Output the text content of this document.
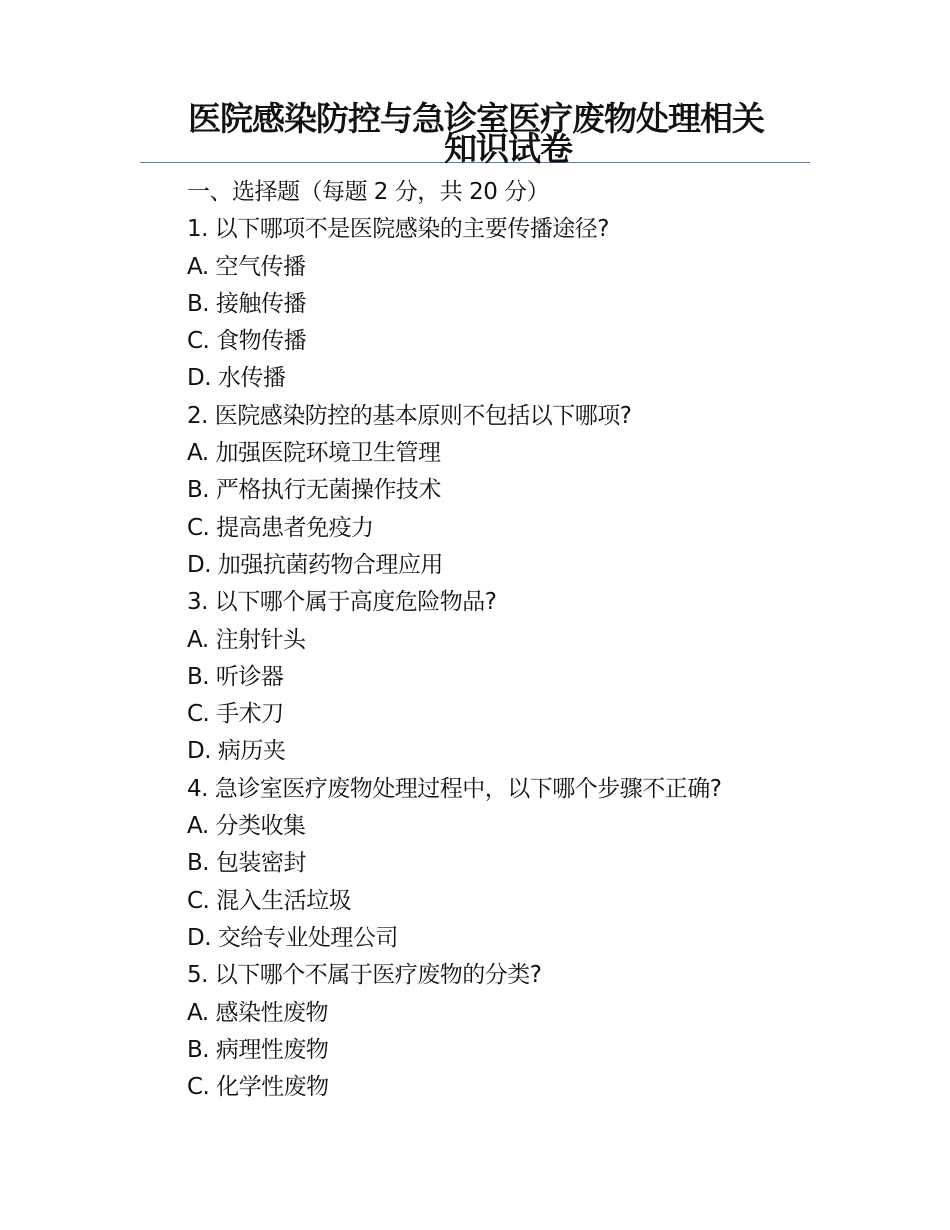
医院感染防控与急诊室医疗废物处理相关
知识试卷
一、选择题（每题 2 分，共 20 分）
1. 以下哪项不是医院感染的主要传播途径?
A. 空气传播
B. 接触传播
C. 食物传播
D. 水传播
2. 医院感染防控的基本原则不包括以下哪项?
A. 加强医院环境卫生管理
B. 严格执行无菌操作技术
C. 提高患者免疫力
D. 加强抗菌药物合理应用
3. 以下哪个属于高度危险物品?
A. 注射针头
B. 听诊器
C. 手术刀
D. 病历夹
4. 急诊室医疗废物处理过程中，以下哪个步骤不正确?
A. 分类收集
B. 包装密封
C. 混入生活垃圾
D. 交给专业处理公司
5. 以下哪个不属于医疗废物的分类?
A. 感染性废物
B. 病理性废物
C. 化学性废物
